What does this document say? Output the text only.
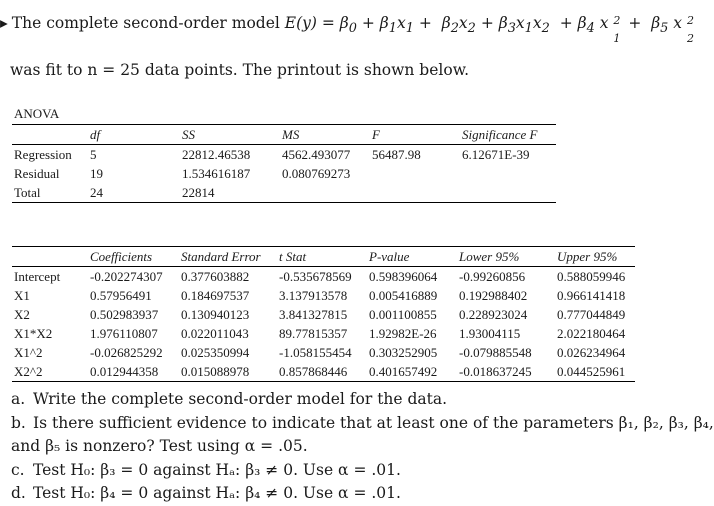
▸ The complete second-order model $E(y) = \beta_0 + \beta_1x_1 + \beta_2x_2 + \beta_3x_1x_2 + \beta_4$ x 2
1
+  $\beta_5$ x 2
2
was fit to n = 25 data points. The printout is shown below.
ANOVA
	df	SS	MS	F	Significance F
Regression	5	22812.46538	4562.493077	56487.98	6.12671E-39
Residual	19	1.534616187	0.080769273		
Total	24	22814			
	Coefficients	Standard Error	t Stat	P-value	Lower 95%	Upper 95%
Intercept	-0.202274307	0.377603882	-0.535678569	0.598396064	-0.99260856	0.588059946
X1	0.57956491	0.184697537	3.137913578	0.005416889	0.192988402	0.966141418
X2	0.502983937	0.130940123	3.841327815	0.001100855	0.228923024	0.777044849
X1*X2	1.976110807	0.022011043	89.77815357	1.92982E-26	1.93004115	2.022180464
X1^2	-0.026825292	0.025350994	-1.058155454	0.303252905	-0.079885548	0.026234964
X2^2	0.012944358	0.015088978	0.857868446	0.401657492	-0.018637245	0.044525961
a. Write the complete second-order model for the data.
b. Is there sufficient evidence to indicate that at least one of the parameters β₁, β₂, β₃, β₄,
and β₅ is nonzero? Test using α = .05.
c. Test H₀: β₃ = 0 against Hₐ: β₃ ≠ 0. Use α = .01.
d. Test H₀: β₄ = 0 against Hₐ: β₄ ≠ 0. Use α = .01.
